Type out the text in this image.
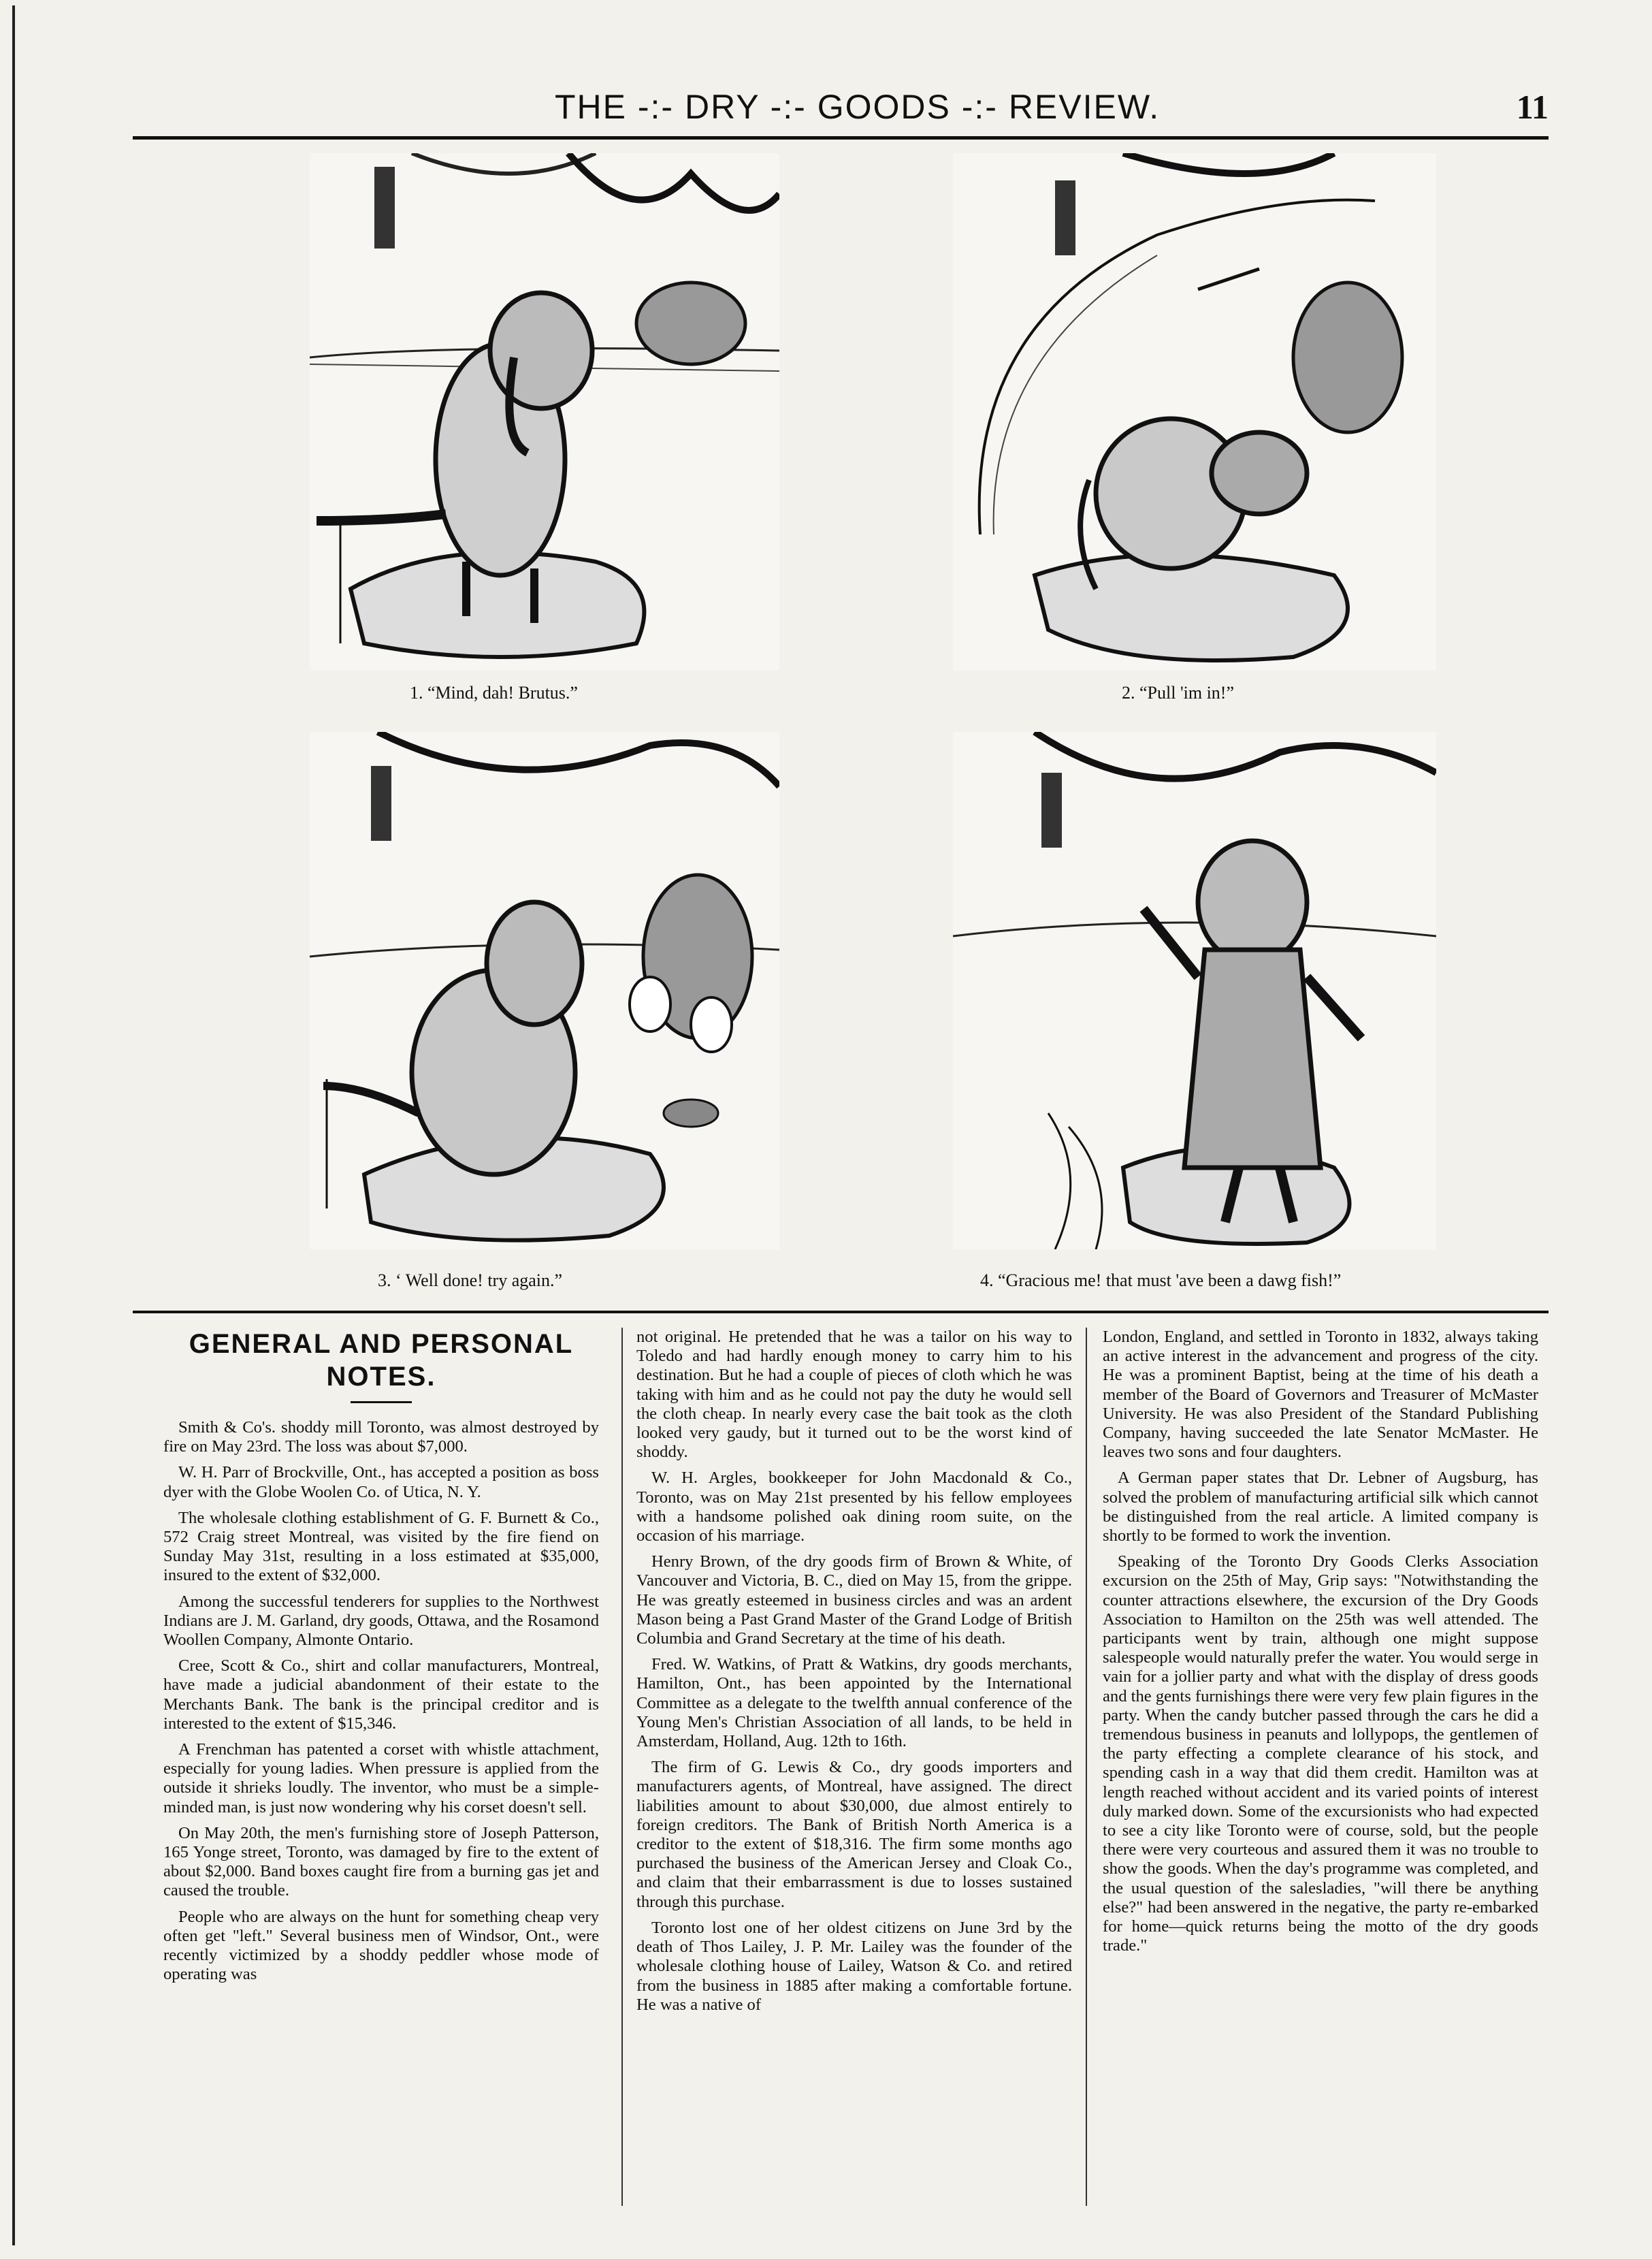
THE -:- DRY -:- GOODS -:- REVIEW.	11
1. “Mind, dah! Brutus.”	2. “Pull 'im in!”
3. ‘ Well done! try again.”	4. “Gracious me! that must 'ave been a dawg fish!”
GENERAL AND PERSONAL NOTES.

Smith & Co's. shoddy mill Toronto, was almost destroyed by fire on May 23rd. The loss was about $7,000.

W. H. Parr of Brockville, Ont., has accepted a position as boss dyer with the Globe Woolen Co. of Utica, N. Y.

The wholesale clothing establishment of G. F. Burnett & Co., 572 Craig street Montreal, was visited by the fire fiend on Sunday May 31st, resulting in a loss estimated at $35,000, insured to the extent of $32,000.

Among the successful tenderers for supplies to the Northwest Indians are J. M. Garland, dry goods, Ottawa, and the Rosamond Woollen Company, Almonte Ontario.

Cree, Scott & Co., shirt and collar manufacturers, Montreal, have made a judicial abandonment of their estate to the Merchants Bank. The bank is the principal creditor and is interested to the extent of $15,346.

A Frenchman has patented a corset with whistle attachment, especially for young ladies. When pressure is applied from the outside it shrieks loudly. The inventor, who must be a simple-minded man, is just now wondering why his corset doesn't sell.

On May 20th, the men's furnishing store of Joseph Patterson, 165 Yonge street, Toronto, was damaged by fire to the extent of about $2,000. Band boxes caught fire from a burning gas jet and caused the trouble.

People who are always on the hunt for something cheap very often get "left." Several business men of Windsor, Ont., were recently victimized by a shoddy peddler whose mode of operating was

not original. He pretended that he was a tailor on his way to Toledo and had hardly enough money to carry him to his destination. But he had a couple of pieces of cloth which he was taking with him and as he could not pay the duty he would sell the cloth cheap. In nearly every case the bait took as the cloth looked very gaudy, but it turned out to be the worst kind of shoddy.

W. H. Argles, bookkeeper for John Macdonald & Co., Toronto, was on May 21st presented by his fellow employees with a handsome polished oak dining room suite, on the occasion of his marriage.

Henry Brown, of the dry goods firm of Brown & White, of Vancouver and Victoria, B. C., died on May 15, from the grippe. He was greatly esteemed in business circles and was an ardent Mason being a Past Grand Master of the Grand Lodge of British Columbia and Grand Secretary at the time of his death.

Fred. W. Watkins, of Pratt & Watkins, dry goods merchants, Hamilton, Ont., has been appointed by the International Committee as a delegate to the twelfth annual conference of the Young Men's Christian Association of all lands, to be held in Amsterdam, Holland, Aug. 12th to 16th.

The firm of G. Lewis & Co., dry goods importers and manufacturers agents, of Montreal, have assigned. The direct liabilities amount to about $30,000, due almost entirely to foreign creditors. The Bank of British North America is a creditor to the extent of $18,316. The firm some months ago purchased the business of the American Jersey and Cloak Co., and claim that their embarrassment is due to losses sustained through this purchase.

Toronto lost one of her oldest citizens on June 3rd by the death of Thos Lailey, J. P. Mr. Lailey was the founder of the wholesale clothing house of Lailey, Watson & Co. and retired from the business in 1885 after making a comfortable fortune. He was a native of

London, England, and settled in Toronto in 1832, always taking an active interest in the advancement and progress of the city. He was a prominent Baptist, being at the time of his death a member of the Board of Governors and Treasurer of McMaster University. He was also President of the Standard Publishing Company, having succeeded the late Senator McMaster. He leaves two sons and four daughters.

A German paper states that Dr. Lebner of Augsburg, has solved the problem of manufacturing artificial silk which cannot be distinguished from the real article. A limited company is shortly to be formed to work the invention.

Speaking of the Toronto Dry Goods Clerks Association excursion on the 25th of May, Grip says: "Notwithstanding the counter attractions elsewhere, the excursion of the Dry Goods Association to Hamilton on the 25th was well attended. The participants went by train, although one might suppose salespeople would naturally prefer the water. You would serge in vain for a jollier party and what with the display of dress goods and the gents furnishings there were very few plain figures in the party. When the candy butcher passed through the cars he did a tremendous business in peanuts and lollypops, the gentlemen of the party effecting a complete clearance of his stock, and spending cash in a way that did them credit. Hamilton was at length reached without accident and its varied points of interest duly marked down. Some of the excursionists who had expected to see a city like Toronto were of course, sold, but the people there were very courteous and assured them it was no trouble to show the goods. When the day's programme was completed, and the usual question of the salesladies, "will there be anything else?" had been answered in the negative, the party re-embarked for home—quick returns being the motto of the dry goods trade."
